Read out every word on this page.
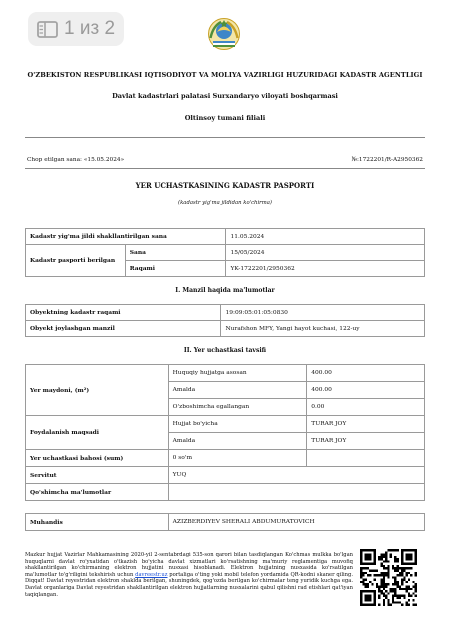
1 из 2
O'ZBEKISTON RESPUBLIKASI IQTISODIYOT VA MOLIYA VAZIRLIGI HUZURIDAGI KADASTR AGENTLIGI
Davlat kadastrlari palatasi Surxandaryo viloyati boshqarmasi
Oltinsoy tumani filiali
Chop etilgan sana: «15.05.2024»	№:1722201/R-A2950362
YER UCHASTKASINING KADASTR PASPORTI
(kadastr yig'ma jildidan ko'chirma)
Kadastr yig'ma jildi shakllantirilgan sana		11.05.2024
Kadastr pasporti berilgan	Sana	15/05/2024
	Raqami	YK-1722201/2950362
I. Manzil haqida ma'lumotlar
Obyektning kadastr raqami	19:09:05:01:05:0830
Obyekt joylashgan manzil	Nurafshon MFY, Yangi hayot kuchasi, 122-uy
II. Yer uchastkasi tavsifi
Yer maydoni, (m²)	Huquqiy hujjatga asosan	400.00
	Amalda	400.00
	O'zboshimcha egallangan	0.00
Foydalanish maqsadi	Hujjat bo'yicha	TURAR JOY
	Amalda	TURAR JOY
Yer uchastkasi bahosi (sum)	0 so'm	
Servitut	YUQ	
Qo'shimcha ma'lumotlar		
Muhandis	AZIZBERDIYEV SHERALI ABDUMURATOVICH
Mazkur hujjat Vazirlar Mahkamasining 2020-yil 2-sentabrdagi 535-son qarori bilan tasdiqlangan Ko'chmas mulkka bo'lgan huquqlarni davlat ro'yxatidan o'tkazish bo'yicha davlat xizmatlari ko'rsatishning ma'muriy reglamentiga muvofiq shakllantirilgan ko'chirmaning elektron hujjatini nusxasi hisoblanadi. Elektron hujjatning nusxasida ko'rsatilgan ma'lumotlar to'g'riligini tekshirish uchun davreestr.uz portaliga o'ting yoki mobil telefon yordamida QR-kodni skaner qiling. Diqqat! Davlat reyestridan elektron shaklda berilgan, shuningdek, qog'ozda berilgan ko'chirmalar teng yuridik kuchga ega. Davlat organlariga Davlat reyestridan shakllantirilgan elektron hujjatlarning nusxalarini qabul qilishni rad etishlari qat'iyan taqiqlangan.
